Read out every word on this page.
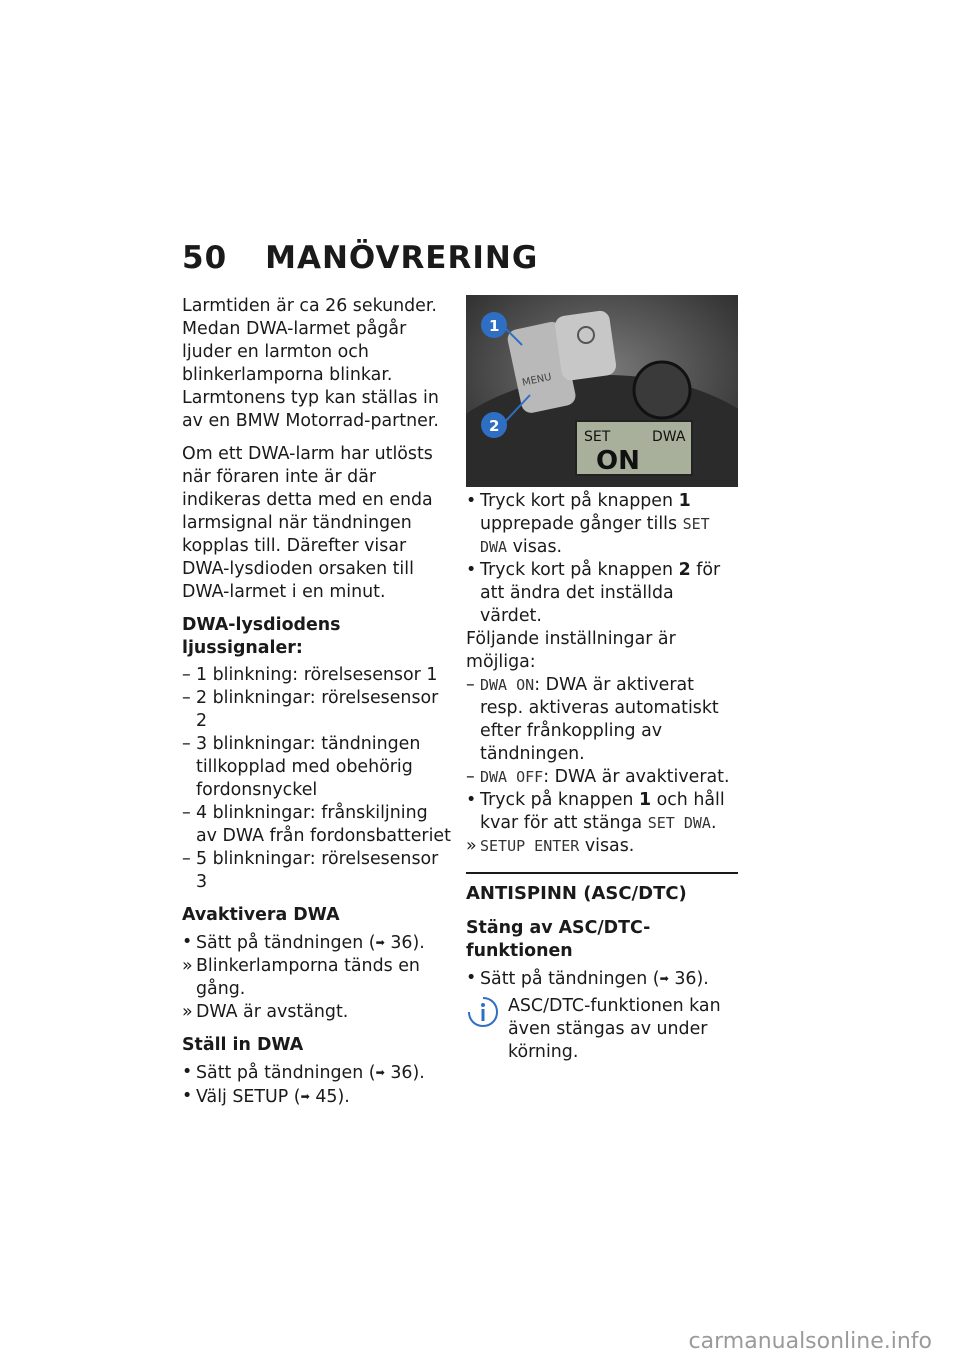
50 MANÖVRERING

Larmtiden är ca 26 sekunder. Medan DWA-larmet pågår ljuder en larmton och blinkerlamporna blinkar. Larmtonens typ kan ställas in av en BMW Motorrad-partner.

Om ett DWA-larm har utlösts när föraren inte är där indikeras detta med en enda larmsignal när tändningen kopplas till. Därefter visar DWA-lysdioden orsaken till DWA-larmet i en minut.

DWA-lysdiodens ljussignaler:
– 1 blinkning: rörelsesensor 1
– 2 blinkningar: rörelsesensor 2
– 3 blinkningar: tändningen tillkopplad med obehörig fordonsnyckel
– 4 blinkningar: frånskiljning av DWA från fordonsbatteriet
– 5 blinkningar: rörelsesensor 3
Avaktivera DWA
• Sätt på tändningen (➡ 36).
» Blinkerlamporna tänds en gång.
» DWA är avstängt.
Ställ in DWA
• Sätt på tändningen (➡ 36).
• Välj SETUP (➡ 45).
SET	DWA
ON
MENU
1
2
• Tryck kort på knappen 1 upprepade gånger tills SET DWA visas.
• Tryck kort på knappen 2 för att ändra det inställda värdet.
Följande inställningar är möjliga:
– DWA ON: DWA är aktiverat resp. aktiveras automatiskt efter frånkoppling av tändningen.
– DWA OFF: DWA är avaktiverat.
• Tryck på knappen 1 och håll kvar för att stänga SET DWA.
» SETUP ENTER visas.
ANTISPINN (ASC/DTC)
Stäng av ASC/DTC-funktionen
• Sätt på tändningen (➡ 36).
ASC/DTC-funktionen kan även stängas av under körning.
carmanualsonline.info
